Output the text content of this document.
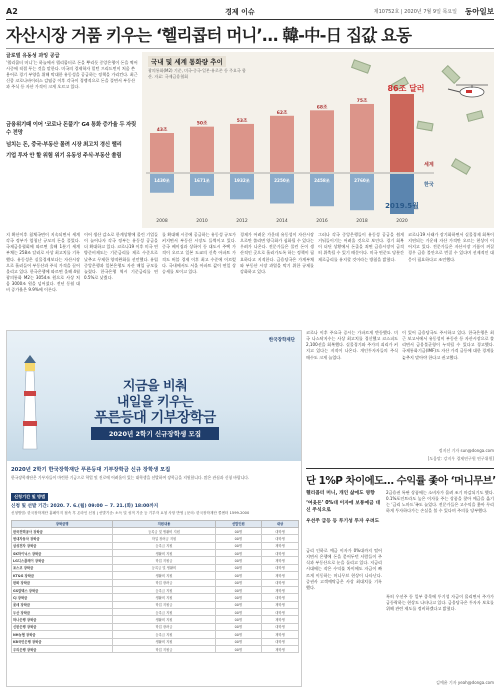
A2	경제 이슈	제10752호 | 2020년 7월 9일 목요일 동아일보
자산시장 거품 키우는 ‘헬리콥터 머니’… 韓-中-日 집값 요동
글로벌 유동성 과잉 공급
‘헬리콥터 머니’는 하늘에서 헬리콥터로 돈을 뿌리듯 중앙은행이 돈을 찍어 시중에 직접 푸는 것을 말한다. 미국의 경제학자 밀턴 프리드먼이 처음 쓴 용어로 경기 부양을 위해 막대한 유동성을 공급하는 정책을 가리킨다. 최근 신종 코로나바이러스 감염증 이후 각국이 경쟁적으로 돈을 풀면서 부동산과 주식 등 자산 가격이 크게 오르고 있다.

금융위기때 이어 ‘코로나 돈풀기’ G4 통화 증가율 두 자릿수 전망

넘치는 돈, 중국·부동산 몰려 시장 최고치 경신 랠리

기업 투자 안 할 위험 위기 유동성 주식·부동산 쏠림

43조
1430조
2008
50조
1671조
2010
53조
1932조
2012
62조
2250조
2014
68조
2458조
2016
75조
2760조
2018	2020
86조 달러
2019.5월
세계
한국
국내 및 세계 통화량 추이
광의통화(M2) 기준, 미국·중국·일본·유로존 등 주요국 합산. 자료: 국제금융협회
지 확산이후 침체국면이 지속되면서 세계 각국 정부가 엄청난 규모의 돈을 풀었다. 국제금융협회에 따르면 올해 1분기 세계 부채는 258조 달러로 사상 최고치를 기록했다. 유동성은 실물경제보다는 자산시장으로 흘러들어 부동산과 주식 가격을 끌어올리고 있다. 한국은행에 따르면 올해 4월 광의통화 M2는 3054조 원으로 사상 처음 3000조 원을 넘어섰다. 전년 동월 대비 증가율은 9.9%에 이른다.
이어 생산 감소로 한계상황에 몰린 기업들이 늘어나자 각국 정부는 유동성 공급을 더 확대하고 있다. 코로나19 이후 미국 연방준비제도는 기준금리를 제로 수준으로 낮추고 무제한 양적완화를 선언했다. 유럽중앙은행과 일본은행도 자산 매입 규모를 늘렸다. 한국은행 역시 기준금리를 연 0.5%로 낮췄다.
를 확대해 시중에 공급하는 유동성 규모가 커지면서 부동산 시장도 들썩이고 있다. 중국 베이징과 상하이 등 대도시 주택 가격이 오르고 일본 도쿄의 신축 아파트 가격도 버블 경제 이후 최고 수준에 이르렀다. 국내에서도 서울 아파트 값이 연일 상승세를 보이고 있다.
경제가 어려운 가운데 유동성이 자산시장으로만 쏠리면 양극화가 심화될 수 있다는 우려가 나온다. 전문가들은 풀린 돈이 생산적인 곳으로 흘러가도록 하는 정책이 필요하다고 지적한다. 금융당국은 가계부채와 부동산 시장 과열을 막기 위한 규제를 강화하고 있다.
그러나 각국 중앙은행들이 유동성 공급을 쉽게 거둬들이기는 어려울 것으로 보인다. 경기 회복이 더딘 상황에서 돈줄을 죄면 금융시장이 급격히 위축될 수 있기 때문이다. 미국 연준도 당분간 제로금리를 유지할 것이라는 방침을 밝혔다.
코로나19 사태가 장기화하면서 실물경제 회복이 지연되는 가운데 자산 가격만 오르는 현상이 이어지고 있다. 전문가들은 자산시장 거품이 꺼질 경우 금융 불안으로 번질 수 있다며 선제적인 대응이 필요하다고 조언했다.
코로나 이후 주요국 증시는 가파르게 반등했다. 미국 나스닥지수는 사상 최고치를 경신했고 코스피도 2,100선을 회복했다. 실물경기와 주가의 괴리가 커지고 있다는 지적이 나온다. 개인투자자들의 주식 매수도 크게 늘었다.
이 있어 금융당국도 주시하고 있다. 한국은행은 최근 보고서에서 유동성이 부동산 등 자산시장으로 쏠리면서 금융불균형이 누적될 수 있다고 경고했다. 국제통화기금(IMF)도 자산 가격 급등에 대한 경계를 늦추지 말아야 한다고 권고했다.
정지선 기자 sun@donga.com
[도움말: 강지우 경제연구원 연구위원]
한국장학재단
지금을 비춰
내일을 키우는
푸른등대 기부장학금
2020년 2학기 신규장학생 모집
2020년 2학기 한국장학재단 푸른등대 기부장학금 신규 장학생 모집
한국장학재단은 기부자들이 마련한 기금으로 학업 및 진로에 어려움이 있는 대학생을 선발하여 장학금을 지원합니다. 많은 관심과 신청 바랍니다.
신청기간 및 방법
신청 및 선발 기간: 2020. 7. 6.(월) 09:00 ~ 7. 21.(화) 18:00까지
신청방법: 한국장학재단 홈페이지 접속 후 온라인 신청 | 선발기준: 소득 및 성적 기준 등 기부자 요청 사항 반영 | 문의: 한국장학재단 콜센터 1599-2000
장학금명	지원내용	선발인원	대상
한국전력공사 장학금	등록금 및 생활비 지원	00명	대학생
현대자동차 장학금	학업 장려금 지원	00명	대학생
삼성전자 장학금	등록금 지원	00명	재학생
SK하이닉스 장학금	생활비 지원	00명	대학생
LG디스플레이 장학금	학업 지원금	00명	재학생
포스코 장학금	등록금 및 생활비	00명	대학생
KT&G 장학금	생활비 지원	00명	재학생
한화 장학금	학업 장려금	00명	대학생
GS칼텍스 장학금	등록금 지원	00명	재학생
CJ 장학금	생활비 지원	00명	대학생
롯데 장학금	학업 지원금	00명	재학생
두산 장학금	등록금 지원	00명	대학생
하나은행 장학금	생활비 지원	00명	재학생
신한은행 장학금	학업 장려금	00명	대학생
NH농협 장학금	등록금 지원	00명	재학생
KB국민은행 장학금	생활비 지원	00명	대학생
우리은행 장학금	학업 지원금	00명	재학생
단 1%P 차이에도… 수익률 좇아 ‘머니무브’

헬리콥터 머니, 개인 삶에도 영향

‘여윳돈’ 0%대 이자에 보통예금 대신 주식으로

우선주 급등 등 투기성 투자 우려도

금리 인하로 예금 이자가 0%대까지 떨어지면서 은행에 돈을 묻어두던 사람들이 주식과 부동산으로 눈을 돌리고 있다. 저금리 시대에는 작은 수익률 차이에도 자금이 빠르게 이동하는 머니무브 현상이 나타난다. 증권사 고객예탁금은 사상 최대치를 기록했다.
2금융권 특판 상품에는 소비자가 몰려 조기 마감되기도 했다. 0.1%포인트라도 높은 이자를 주는 상품을 찾아 예금을 옮기는 ‘금리 노마드’족도 늘었다. 전문가들은 고수익을 좇아 무리하게 투자하다가는 손실을 볼 수 있다며 주의를 당부했다.
특히 우선주 등 일부 종목에 투기성 자금이 몰리면서 주가가 급등락하는 현상도 나타나고 있다. 금융당국은 투자자 보호를 위해 관련 제도를 정비하겠다고 밝혔다.
김예윤 기자 yeah@donga.com
